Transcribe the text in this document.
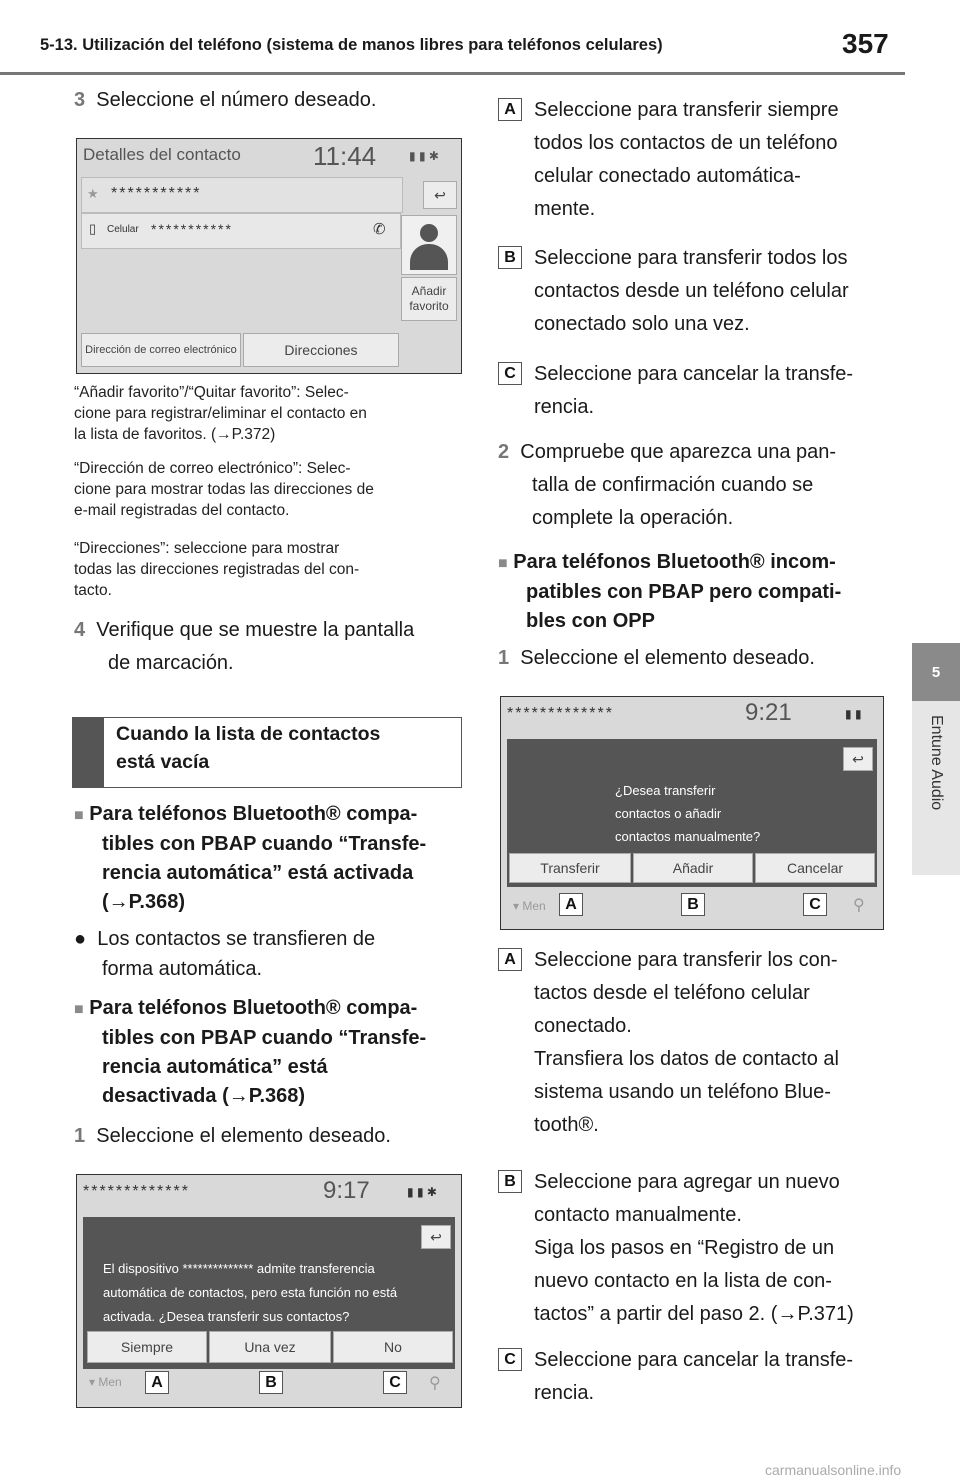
5-13. Utilización del teléfono (sistema de manos libres para teléfonos celulares)	357
5
Entune Audio
3 Seleccione el número deseado.
Detalles del contacto	11:44	▮ ▮ ✱
★ ***********	↩
▯ Celular ***********	✆
Añadir favorito
Dirección de correo electrónico	Direcciones
“Añadir favorito”/“Quitar favorito”: Selec-
cione para registrar/eliminar el contacto en
la lista de favoritos. (→P.372)
“Dirección de correo electrónico”: Selec-
cione para mostrar todas las direcciones de
e-mail registradas del contacto.
“Direcciones”: seleccione para mostrar
todas las direcciones registradas del con-
tacto.
4 Verifique que se muestre la pantalla
de marcación.
Cuando la lista de contactos
está vacía
■ Para teléfonos Bluetooth® compa-
tibles con PBAP cuando “Transfe-
rencia automática” está activada
(→P.368)
● Los contactos se transfieren de
forma automática.
■ Para teléfonos Bluetooth® compa-
tibles con PBAP cuando “Transfe-
rencia automática” está
desactivada (→P.368)
1 Seleccione el elemento deseado.
*************	9:17	▮ ▮ ✱
↩
El dispositivo ************** admite transferencia
automática de contactos, pero esta función no está
activada. ¿Desea transferir sus contactos?
Siempre	Una vez	No
▾ Men	⚲
A	B	C
A Seleccione para transferir siempre
todos los contactos de un teléfono
celular conectado automática-
mente.
B Seleccione para transferir todos los
contactos desde un teléfono celular
conectado solo una vez.
C Seleccione para cancelar la transfe-
rencia.
2 Compruebe que aparezca una pan-
talla de confirmación cuando se
complete la operación.
■ Para teléfonos Bluetooth® incom-
patibles con PBAP pero compati-
bles con OPP
1 Seleccione el elemento deseado.
*************	9:21	▮ ▮
↩
¿Desea transferir
contactos o añadir
contactos manualmente?
Transferir	Añadir	Cancelar
▾ Men	⚲
A	B	C
A Seleccione para transferir los con-
tactos desde el teléfono celular
conectado.
Transfiera los datos de contacto al
sistema usando un teléfono Blue-
tooth®.
B Seleccione para agregar un nuevo
contacto manualmente.
Siga los pasos en “Registro de un
nuevo contacto en la lista de con-
tactos” a partir del paso 2. (→P.371)
C Seleccione para cancelar la transfe-
rencia.
carmanualsonline.info
